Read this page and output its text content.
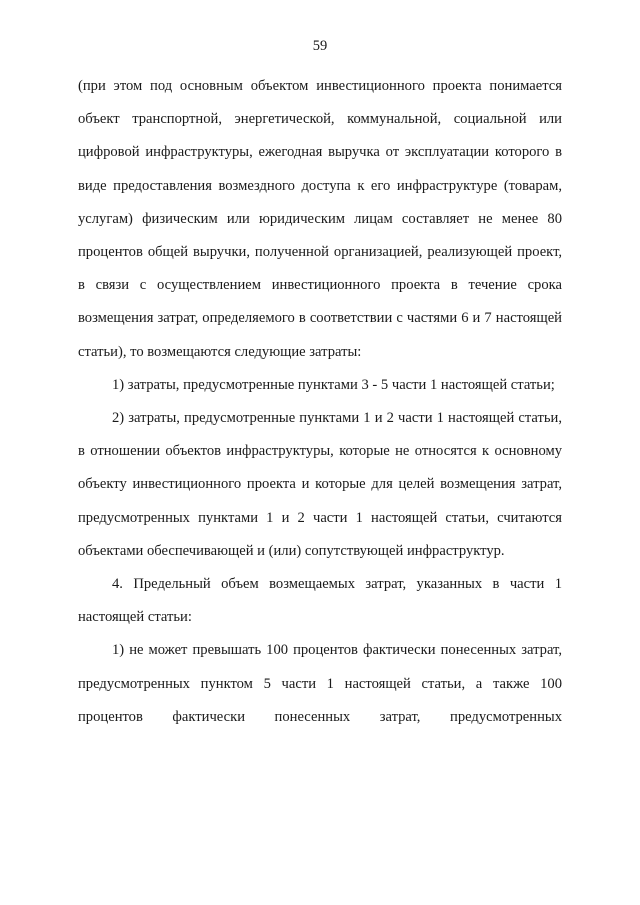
59

(при этом под основным объектом инвестиционного проекта понимается объект транспортной, энергетической, коммунальной, социальной или цифровой инфраструктуры, ежегодная выручка от эксплуатации которого в виде предоставления возмездного доступа к его инфраструктуре (товарам, услугам) физическим или юридическим лицам составляет не менее 80 процентов общей выручки, полученной организацией, реализующей проект, в связи с осуществлением инвестиционного проекта в течение срока возмещения затрат, определяемого в соответствии с частями 6 и 7 настоящей статьи), то возмещаются следующие затраты:

1) затраты, предусмотренные пунктами 3 - 5 части 1 настоящей статьи;

2) затраты, предусмотренные пунктами 1 и 2 части 1 настоящей статьи, в отношении объектов инфраструктуры, которые не относятся к основному объекту инвестиционного проекта и которые для целей возмещения затрат, предусмотренных пунктами 1 и 2 части 1 настоящей статьи, считаются объектами обеспечивающей и (или) сопутствующей инфраструктур.

4. Предельный объем возмещаемых затрат, указанных в части 1 настоящей статьи:

1) не может превышать 100 процентов фактически понесенных затрат, предусмотренных пунктом 5 части 1 настоящей статьи, а также 100 процентов фактически понесенных затрат, предусмотренных
